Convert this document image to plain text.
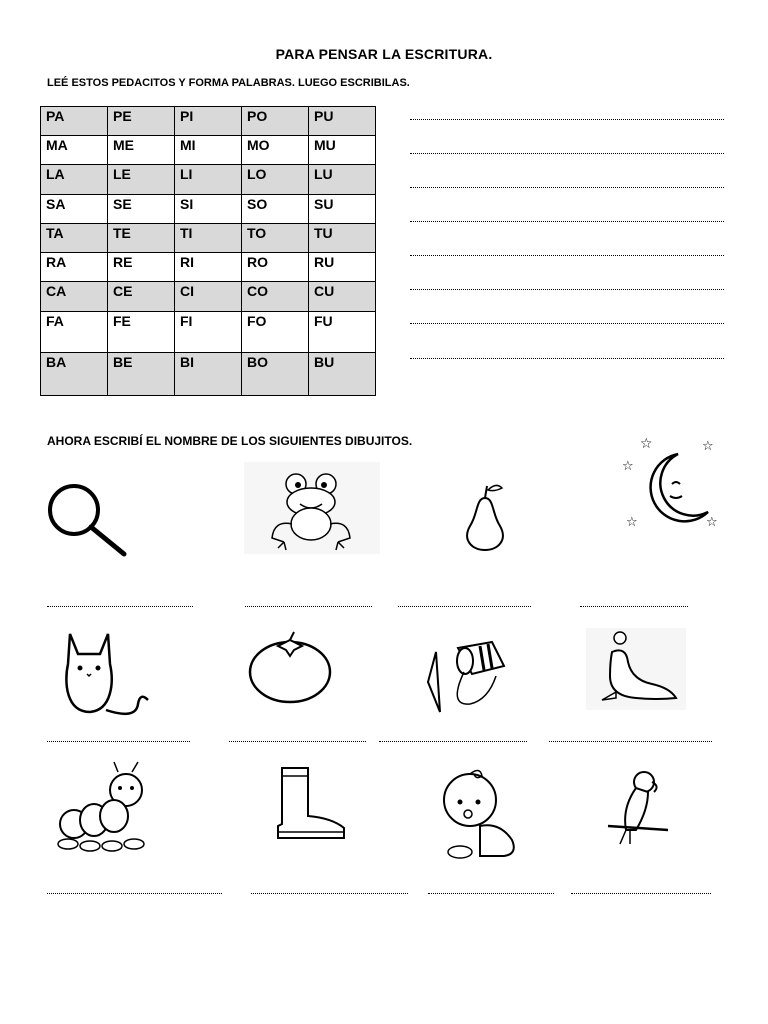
PARA PENSAR LA ESCRITURA.
LEÉ ESTOS PEDACITOS Y FORMA PALABRAS. LUEGO ESCRIBILAS.
PA	PE	PI	PO	PU
MA	ME	MI	MO	MU
LA	LE	LI	LO	LU
SA	SE	SI	SO	SU
TA	TE	TI	TO	TU
RA	RE	RI	RO	RU
CA	CE	CI	CO	CU
FA	FE	FI	FO	FU
BA	BE	BI	BO	BU
AHORA ESCRIBÍ EL NOMBRE DE LOS SIGUIENTES DIBUJITOS.	☆	☆
☆
☆	☆
